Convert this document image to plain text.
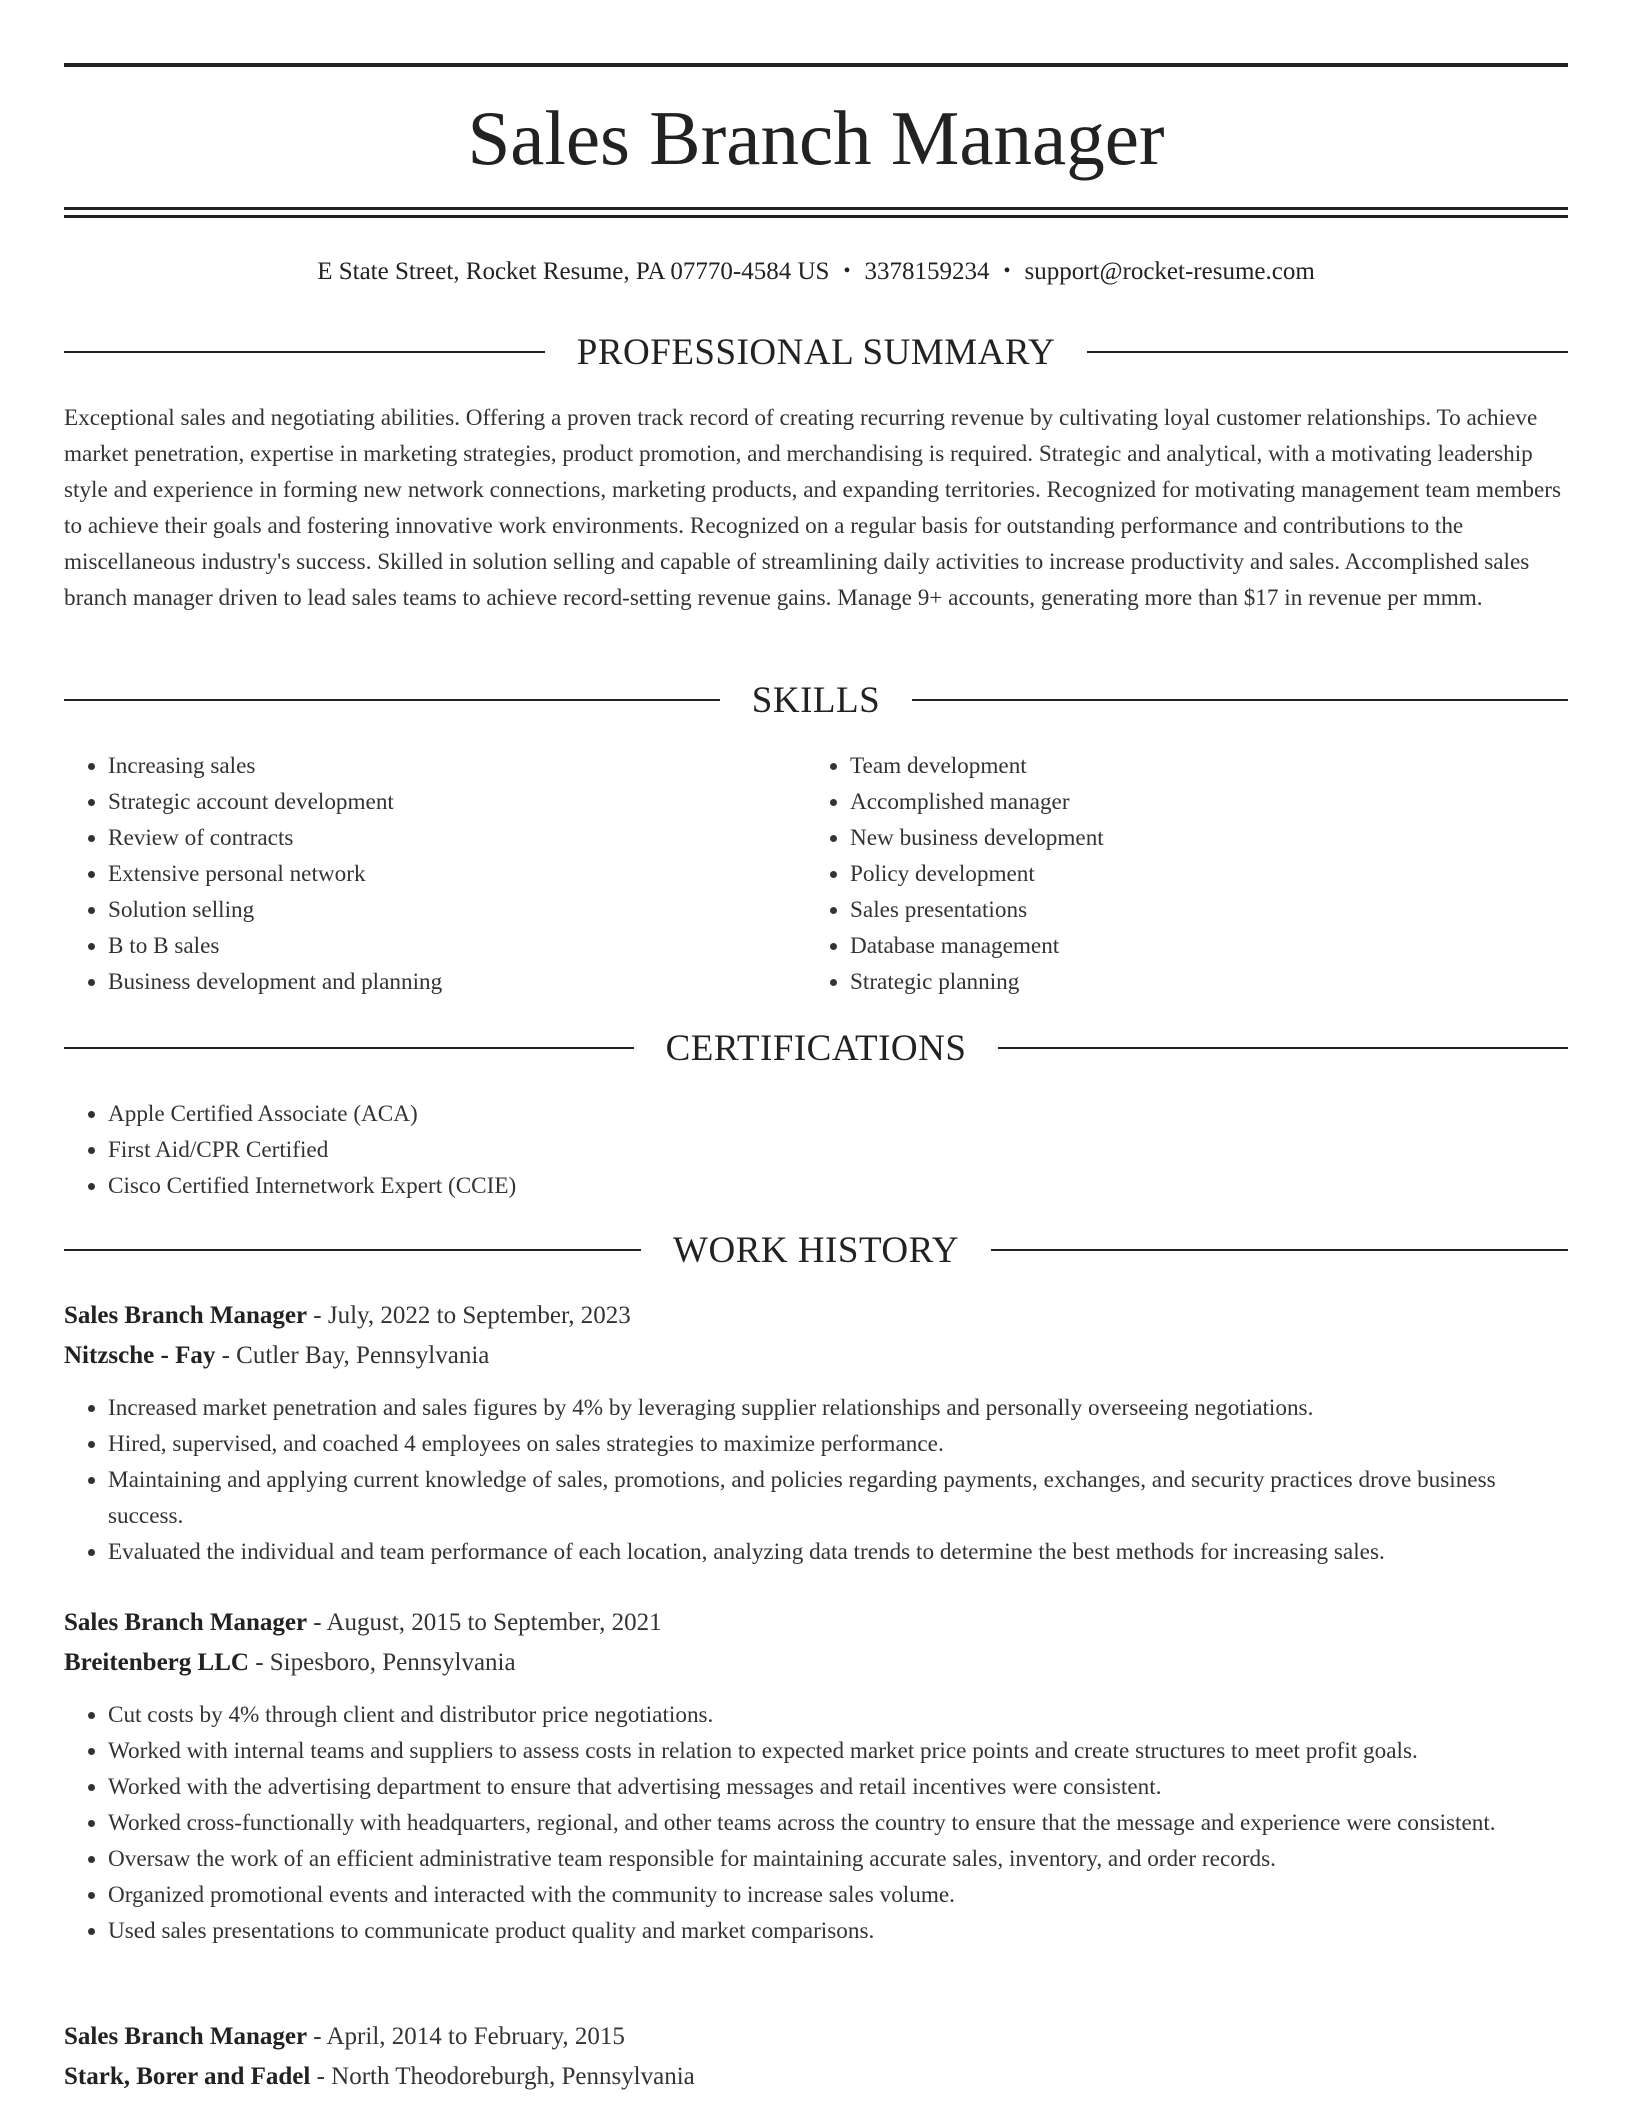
Sales Branch Manager
E State Street, Rocket Resume, PA 07770-4584 US • 3378159234 • support@rocket-resume.com
PROFESSIONAL SUMMARY

Exceptional sales and negotiating abilities. Offering a proven track record of creating recurring revenue by cultivating loyal customer relationships. To achieve market penetration, expertise in marketing strategies, product promotion, and merchandising is required. Strategic and analytical, with a motivating leadership style and experience in forming new network connections, marketing products, and expanding territories. Recognized for motivating management team members to achieve their goals and fostering innovative work environments. Recognized on a regular basis for outstanding performance and contributions to the miscellaneous industry's success. Skilled in solution selling and capable of streamlining daily activities to increase productivity and sales. Accomplished sales branch manager driven to lead sales teams to achieve record-setting revenue gains. Manage 9+ accounts, generating more than $17 in revenue per mmm.

SKILLS
• Increasing sales
• Strategic account development
• Review of contracts
• Extensive personal network
• Solution selling
• B to B sales
• Business development and planning
• Team development
• Accomplished manager
• New business development
• Policy development
• Sales presentations
• Database management
• Strategic planning
CERTIFICATIONS
• Apple Certified Associate (ACA)
• First Aid/CPR Certified
• Cisco Certified Internetwork Expert (CCIE)
WORK HISTORY
Sales Branch Manager - July, 2022 to September, 2023
Nitzsche - Fay - Cutler Bay, Pennsylvania
• Increased market penetration and sales figures by 4% by leveraging supplier relationships and personally overseeing negotiations.
• Hired, supervised, and coached 4 employees on sales strategies to maximize performance.
• Maintaining and applying current knowledge of sales, promotions, and policies regarding payments, exchanges, and security practices drove business success.
• Evaluated the individual and team performance of each location, analyzing data trends to determine the best methods for increasing sales.
Sales Branch Manager - August, 2015 to September, 2021
Breitenberg LLC - Sipesboro, Pennsylvania
• Cut costs by 4% through client and distributor price negotiations.
• Worked with internal teams and suppliers to assess costs in relation to expected market price points and create structures to meet profit goals.
• Worked with the advertising department to ensure that advertising messages and retail incentives were consistent.
• Worked cross-functionally with headquarters, regional, and other teams across the country to ensure that the message and experience were consistent.
• Oversaw the work of an efficient administrative team responsible for maintaining accurate sales, inventory, and order records.
• Organized promotional events and interacted with the community to increase sales volume.
• Used sales presentations to communicate product quality and market comparisons.
Sales Branch Manager - April, 2014 to February, 2015
Stark, Borer and Fadel - North Theodoreburgh, Pennsylvania
